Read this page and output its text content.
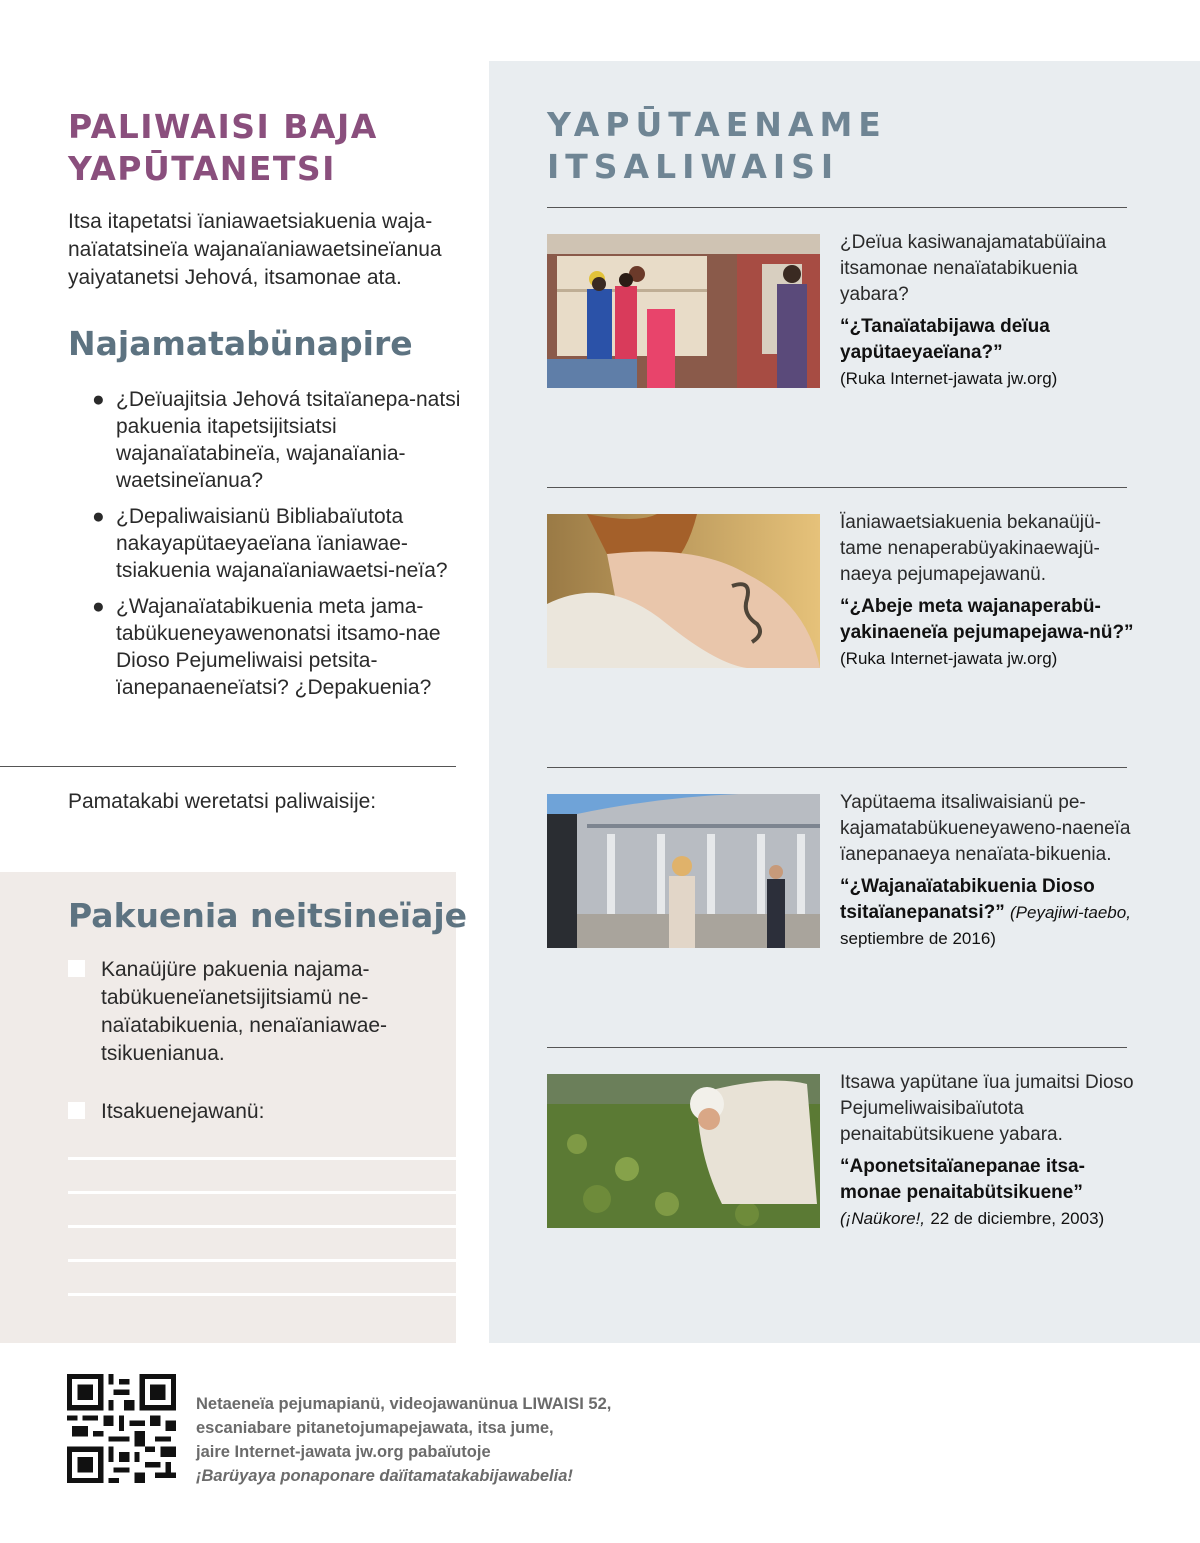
PALIWAISI BAJA YAPŪTANETSI

Itsa itapetatsi ïaniawaetsiakuenia waja-naïatatsineïa wajanaïaniawaetsineïanua yaiyatanetsi Jehová, itsamonae ata.

Najamatabünapire
● ¿Deïuajitsia Jehová tsitaïanepa-natsi pakuenia itapetsijitsiatsi wajanaïatabineïa, wajanaïania-waetsineïanua?
● ¿Depaliwaisianü Bibliabaïutota nakayapütaeyaeïana ïaniawae-tsiakuenia wajanaïaniawaetsi-neïa?
● ¿Wajanaïatabikuenia meta jama-tabükuenеyawenonatsi itsamo-nae Dioso Pejumeliwaisi petsita-ïanepanaeneïatsi? ¿Depakuenia?

Pamatakabi weretatsi paliwaisije:

Pakuenia neitsineïaje
Kanaüjüre pakuenia najama-tabükueneïanetsijitsiamü ne-naïatabikuenia, nenaïaniawae-tsikuenianua.
Itsakuenejawanü:
YAPŪTAENAME ITSALIWAISI

¿Deïua kasiwanajamatabüïaina itsamonae nenaïatabikuenia yabara?

“¿Tanaïatabijawa deïua yapütaeyaeïana?”
(Ruka Internet-jawata jw.org)

Ïaniawaetsiakuenia bekanaüjü-tame nenaperabüyakinaewajü-naeya pejumapejawanü.

“¿Abeje meta wajanaperabü-yakinaeneïa pejumapejawa-nü?” (Ruka Internet-jawata jw.org)

Yapütaema itsaliwaisianü pe-kajamatabükueneyaweno-naeneïa ïanepanaeya nenaïata-bikuenia.

“¿Wajanaïatabikuenia Dioso tsitaïanepanatsi?” (Peyajiwi-taebo, septiembre de 2016)

Itsawa yapütane ïua jumaitsi Dioso Pejumeliwaisibaïutota penaitabütsikuene yabara.

“Aponetsitaïanepanae itsa-monae penaitabütsikuene”
(¡Naükore!, 22 de diciembre, 2003)

Netaeneïa pejumapianü, videojawanünua LIWAISI 52,
escaniabare pitanetojumapejawata, itsa jume,
jaire Internet-jawata jw.org pabaïutoje
¡Barüyaya ponaponare daïitamatakabijawabelia!
